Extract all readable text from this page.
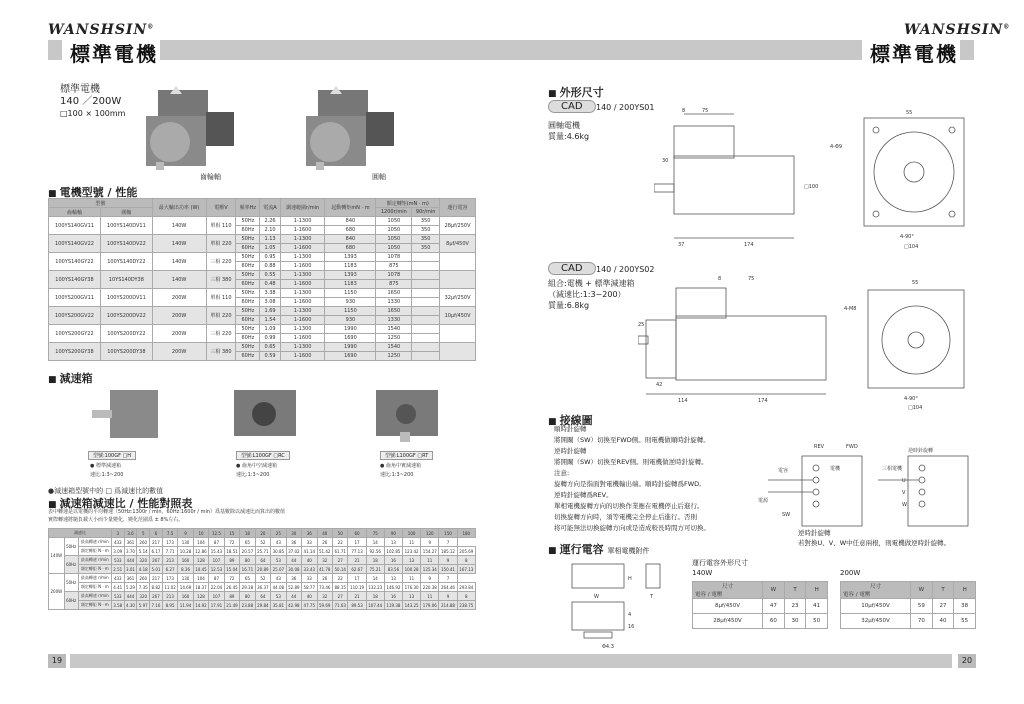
WANSHSIN®
標準電機
標準電機
140 ／200W
□100 × 100mm
齒輪軸	圓軸
■ 電機型號 / 性能
型號		最大輸出功率 (W)	電壓V	頻率Hz	電流A	調速範圍r/min	起動轉矩mN · m	額定轉矩(mN · m)		運行電容
齒輪軸	圓軸							1200r/min	90r/min	
100YS140GV11	100YS140DV11	140W	單相 110	50Hz	2.26	1-1300	840	1050	350	28μf/250V
				60Hz	2.10	1-1600	680	1050	350	
100YS140GV22	100YS140DV22	140W	單相 220	50Hz	1.13	1-1300	840	1050	350	8μf/450V
				60Hz	1.05	1-1600	680	1050	350	
100YS140GY22	100YS140DY22	140W	三相 220	50Hz	0.95	1-1300	1393	1078		
				60Hz	0.88	1-1600	1183	875		
100YS140GY38	10YS140DY38	140W	三相 380	50Hz	0.55	1-1300	1393	1078		
				60Hz	0.48	1-1600	1183	875		
100YS200GV11	100YS200DV11	200W	單相 110	50Hz	3.38	1-1300	1150	1650		32μf/250V
				60Hz	3.08	1-1600	930	1330		
100YS200GV22	100YS200DV22	200W	單相 220	50Hz	1.69	1-1300	1150	1650		10μf/450V
				60Hz	1.54	1-1600	930	1330		
100YS200GY22	100YS200DY22	200W	三相 220	50Hz	1.09	1-1300	1990	1540		
				60Hz	0.99	1-1600	1690	1250		
100YS200GY38	100YS200DY38	200W	三相 380	50Hz	0.65	1-1300	1990	1540		
				60Hz	0.59	1-1600	1690	1250		
■ 減速箱
型號:100GF □H	型號:L100GF □RC	型號:L100GF □RT
● 標準減速箱
速比:1:3~200
● 齒角中空減速箱
速比:1:3~200
● 齒角中實減速箱
速比:1:3~200
●減速箱型號中的 □ 爲減速比的數值
■ 減速箱減速比 / 性能對照表
表中轉速是以電機的平均轉速（50Hz:1300r / min，60Hz:1600r / min）爲基數除以減速比而算出的數值
實際轉速將隨負載大小而少量變化，變化范圍爲 ± 8%左右。
減速比			3	3.6	5	6	7.5	9	10	12.5	15	18	20	25	30	36	40	50	60	75	90	100	120	150	180
140W	50Hz	最高轉速 r/min	433	361	260	217	173	130	104	87	72	65	52	43	36	33	26	22	17	14	13	11	9	7	
		額定轉矩 N · m	3.09	3.70	5.14	6.17	7.71	10.28	12.86	15.43	18.51	20.57	25.71	30.85	37.02	41.14	51.42	61.71	77.13	92.56	102.85	123.42	154.27	185.12	205.69
	60Hz	最高轉速 r/min	533	444	320	267	213	160	128	107	89	80	64	53	44	40	32	27	21	18	16	13	11	9	8
		額定轉矩 N · m	2.51	3.01	4.18	5.01	6.27	8.36	10.45	12.53	15.04	16.71	20.89	25.07	30.08	33.43	41.78	50.14	62.67	75.21	83.56	100.28	125.34	150.41	167.13
200W	50Hz	最高轉速 r/min	433	361	260	217	173	130	104	87	72	65	52	43	36	33	26	22	17	14	13	11	9	7	
		額定轉矩 N · m	4.41	5.29	7.35	8.82	11.02	14.69	18.37	22.04	26.45	29.38	36.37	44.08	52.89	58.77	73.46	88.15	110.19	132.23	146.92	176.30	220.38	264.46	293.84
	60Hz	最高轉速 r/min	533	444	320	267	213	160	128	107	89	80	64	53	44	40	32	27	21	18	16	13	11	9	8
		額定轉矩 N · m	3.58	4.30	5.97	7.16	8.95	11.94	14.92	17.91	21.49	23.88	29.84	35.81	42.98	47.75	59.69	71.63	89.53	107.44	119.38	143.25	179.06	214.88	238.75
19
WANSHSIN®
標準電機
■ 外形尺寸
CAD	140 / 200YS01
圓軸電機
質量:4.6kg
8	75
30
37	174
□100
55
4-Φ9
4-90°
□104
CAD	140 / 200YS02
組合:電機 + 標準減速箱
（減速比:1:3~200）
質量:6.8kg
8	75
25
42
114	174
55
4-M8
4-90°
□104
■ 接線圖
順時針旋轉
將開關（SW）切換至FWD側。則電機做順時針旋轉。
逆時針旋轉
將開關（SW）切換至REV側。則電機做逆時針旋轉。
注意:
旋轉方向是指面對電機輸出端。順時針旋轉爲FWD,
逆時針旋轉爲REV。
單相電機旋轉方向的切換作業應在電機停止后進行。
切換旋轉方向時，須等電機完全停止后進行。否則
将可能無法切換旋轉方向或是造成較長時間方可切換。
REV	FWD
電機
電容
電源
SW
三相電機
逆時針旋轉
U
V
W
逆時針旋轉
若對換U、V、W中任意兩根，則電機做逆時針旋轉。
■ 運行電容 單相電機附件
W	T
H
Φ4.3
4
16
運行電容外形尺寸
140W	200W
尺寸
電容 / 電壓	W	T	H
8μf/450V	47	23	41
28μf/450V	60	30	50
尺寸
電容 / 電壓	W	T	H
10μf/450V	59	27	38
32μf/450V	70	40	55
20
